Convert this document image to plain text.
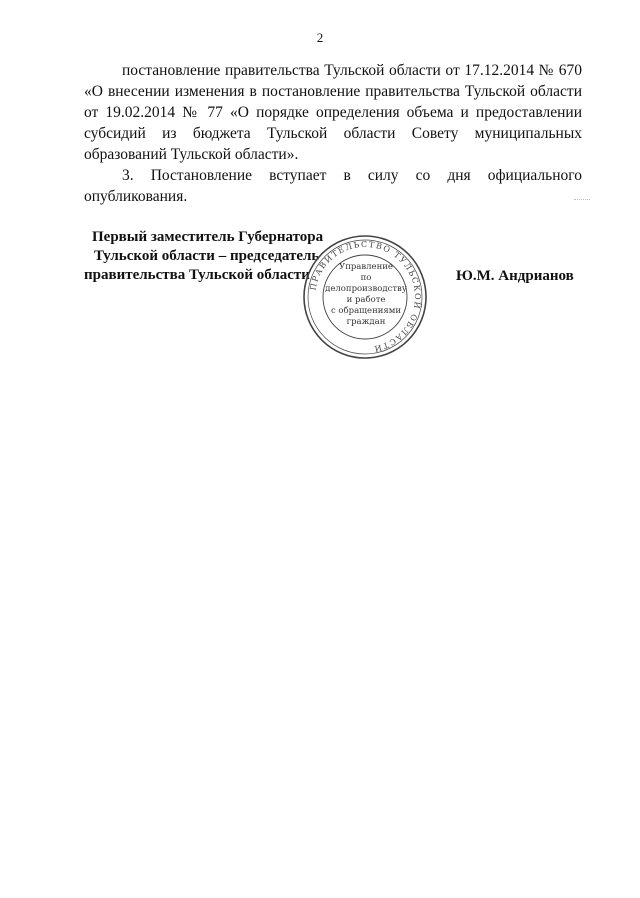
2

постановление правительства Тульской области от 17.12.2014 № 670 «О внесении изменения в постановление правительства Тульской области от 19.02.2014 № 77 «О порядке определения объема и предоставлении субсидий из бюджета Тульской области Совету муниципальных образований Тульской области».

3. Постановление вступает в силу со дня официального опубликования.

Первый заместитель Губернатора
Тульской области – председатель
правительства Тульской области
ПРАВИТЕЛЬСТВО ТУЛЬСКОЙ ОБЛАСТИ
Управление
по делопроизводству
и работе
с обращениями
граждан
Ю.М. Андрианов
